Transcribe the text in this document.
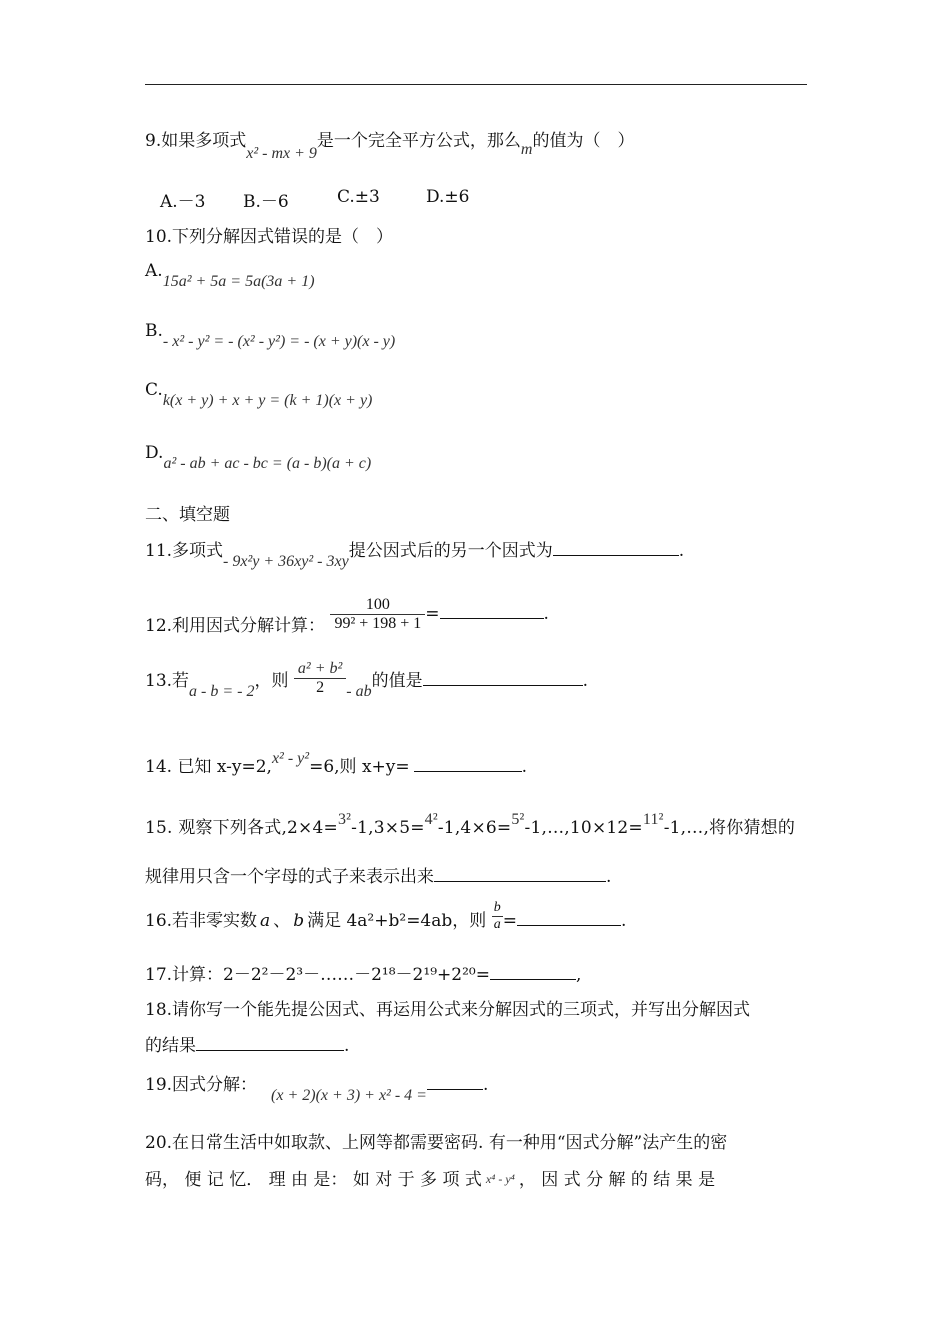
9.如果多项式x² - mx + 9是一个完全平方公式，那么m的值为（　）
A.－3 B.－6	C.±3	D.±6
10.下列分解因式错误的是（　）
A.15a² + 5a = 5a(3a + 1)
B.- x² - y² = - (x² - y²) = - (x + y)(x - y)
C.k(x + y) + x + y = (k + 1)(x + y)
D.a² - ab + ac - bc = (a - b)(a + c)
二、填空题
11.多项式- 9x²y + 36xy² - 3xy提公因式后的另一个因式为	.
12.利用因式分解计算： $\frac{100}{\text{99² + 198 + 1}}$ =	.
13.若a - b = - 2，则 $\frac{\text{a² + b²}}{2}$ - ab的值是	.
14. 已知 x-y=2,x² - y²=6,则 x+y=	.
15. 观察下列各式,2×4=3²-1,3×5=4²-1,4×6=5²-1,…,10×12=11²-1,…,将你猜想的
规律用只含一个字母的式子来表示出来	.
16.若非零实数 a 、 b 满足 4a²+b²=4ab，则 $\frac{b}{a}$ =	.
17.计算：2－2²－2³－……－2¹⁸－2¹⁹+2²⁰=	,
18.请你写一个能先提公因式、再运用公式来分解因式的三项式，并写出分解因式
的结果	.
19.因式分解：(x + 2)(x + 3) + x² - 4 =.
20.在日常生活中如取款、上网等都需要密码. 有一种用“因式分解”法产生的密
码， 便 记 忆． 理 由 是： 如 对 于 多 项 式 x⁴ - y⁴ ， 因 式 分 解 的 结 果 是
